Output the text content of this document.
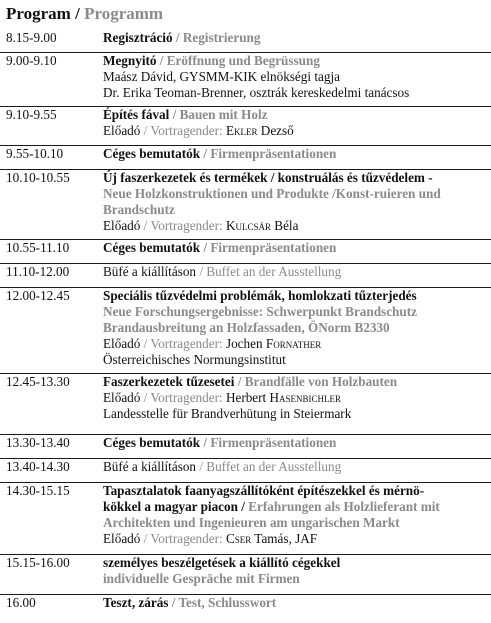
Program / Programm
8.15-9.00	Regisztráció / Registrierung
9.00-9.10	Megnyitó / Eröffnung und Begrüssung
Maász Dávid, GYSMM-KIK elnökségi tagja
Dr. Erika Teoman-Brenner, osztrák kereskedelmi tanácsos
9.10-9.55	Építés fával / Bauen mit Holz
Előadó / Vortragender: Ekler Dezső
9.55-10.10	Céges bemutatók / Firmenpräsentationen
10.10-10.55	Új faszerkezetek és termékek / konstruálás és tűzvédelem -
Neue Holzkonstruktionen und Produkte /Konst-ruieren und
Brandschutz
Előadó / Vortragender: Kulcsár Béla
10.55-11.10	Céges bemutatók / Firmenpräsentationen
11.10-12.00	Büfé a kiállításon / Buffet an der Ausstellung
12.00-12.45	Speciális tűzvédelmi problémák, homlokzati tűzterjedés
Neue Forschungsergebnisse: Schwerpunkt Brandschutz
Brandausbreitung an Holzfassaden, ÖNorm B2330
Előadó / Vortragender: Jochen Fornather
Österreichisches Normungsinstitut
12.45-13.30	Faszerkezetek tűzesetei / Brandfälle von Holzbauten
Előadó / Vortragender: Herbert Hasenbichler
Landesstelle für Brandverhütung in Steiermark
13.30-13.40	Céges bemutatók / Firmenpräsentationen
13.40-14.30	Büfé a kiállításon / Buffet an der Ausstellung
14.30-15.15	Tapasztalatok faanyagszállítóként építészekkel és mérnö-
kökkel a magyar piacon / Erfahrungen als Holzlieferant mit
Architekten und Ingenieuren am ungarischen Markt
Előadó / Vortragender: Cser Tamás, JAF
15.15-16.00	személyes beszélgetések a kiállító cégekkel
individuelle Gespräche mit Firmen
16.00	Teszt, zárás / Test, Schlusswort
